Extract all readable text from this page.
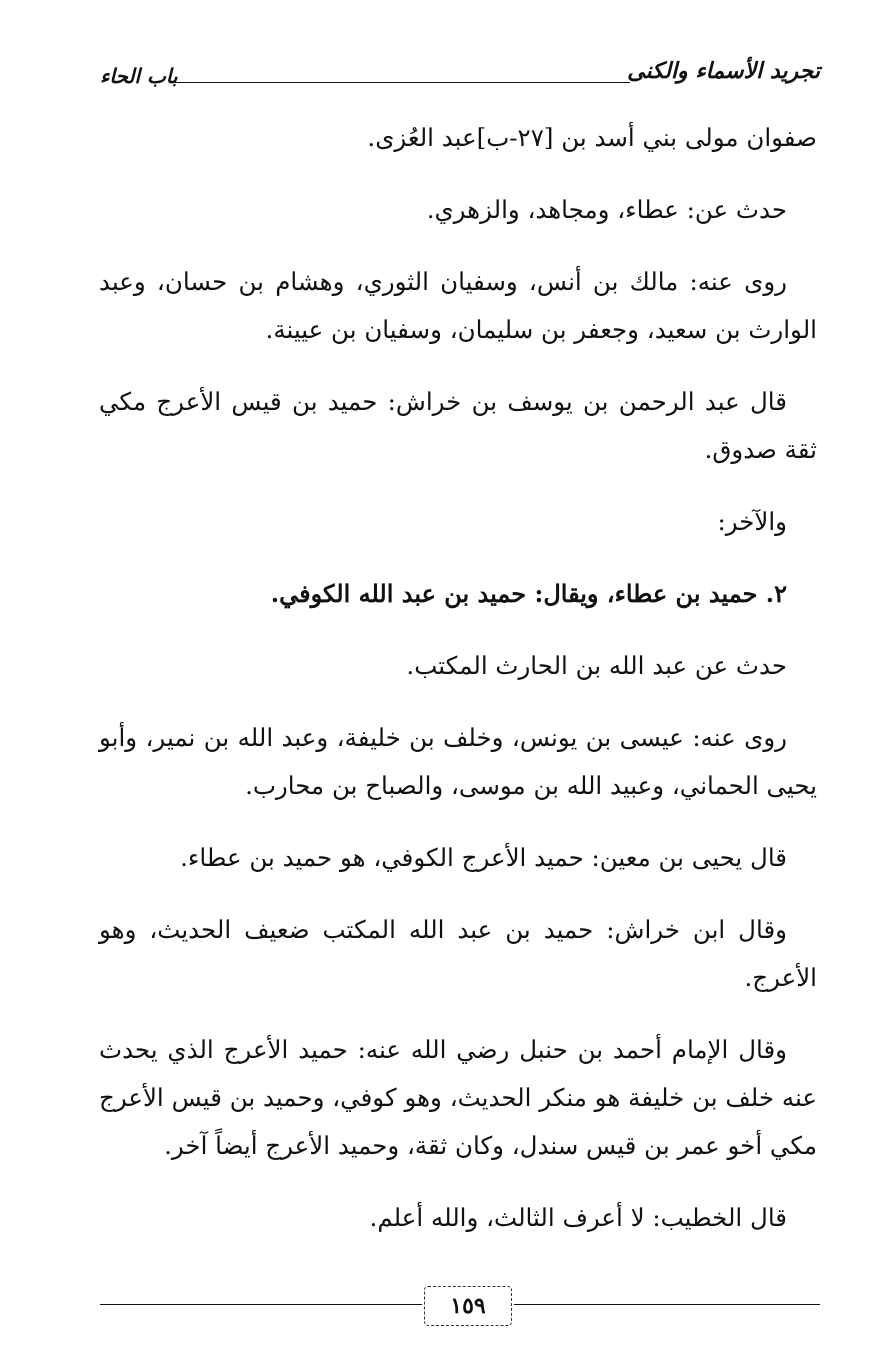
تجريد الأسماء والكنى
باب الحاء

صفوان مولى بني أسد بن [٢٧-ب]عبد العُزى.

حدث عن: عطاء، ومجاهد، والزهري.

روى عنه: مالك بن أنس، وسفيان الثوري، وهشام بن حسان، وعبد الوارث بن سعيد، وجعفر بن سليمان، وسفيان بن عيينة.

قال عبد الرحمن بن يوسف بن خراش: حميد بن قيس الأعرج مكي ثقة صدوق.

والآخر:

٢. حميد بن عطاء، ويقال: حميد بن عبد الله الكوفي.

حدث عن عبد الله بن الحارث المكتب.

روى عنه: عيسى بن يونس، وخلف بن خليفة، وعبد الله بن نمير، وأبو يحيى الحماني، وعبيد الله بن موسى، والصباح بن محارب.

قال يحيى بن معين: حميد الأعرج الكوفي، هو حميد بن عطاء.

وقال ابن خراش: حميد بن عبد الله المكتب ضعيف الحديث، وهو الأعرج.

وقال الإمام أحمد بن حنبل رضي الله عنه: حميد الأعرج الذي يحدث عنه خلف بن خليفة هو منكر الحديث، وهو كوفي، وحميد بن قيس الأعرج مكي أخو عمر بن قيس سندل، وكان ثقة، وحميد الأعرج أيضاً آخر.

قال الخطيب: لا أعرف الثالث، والله أعلم.

١٥٩
